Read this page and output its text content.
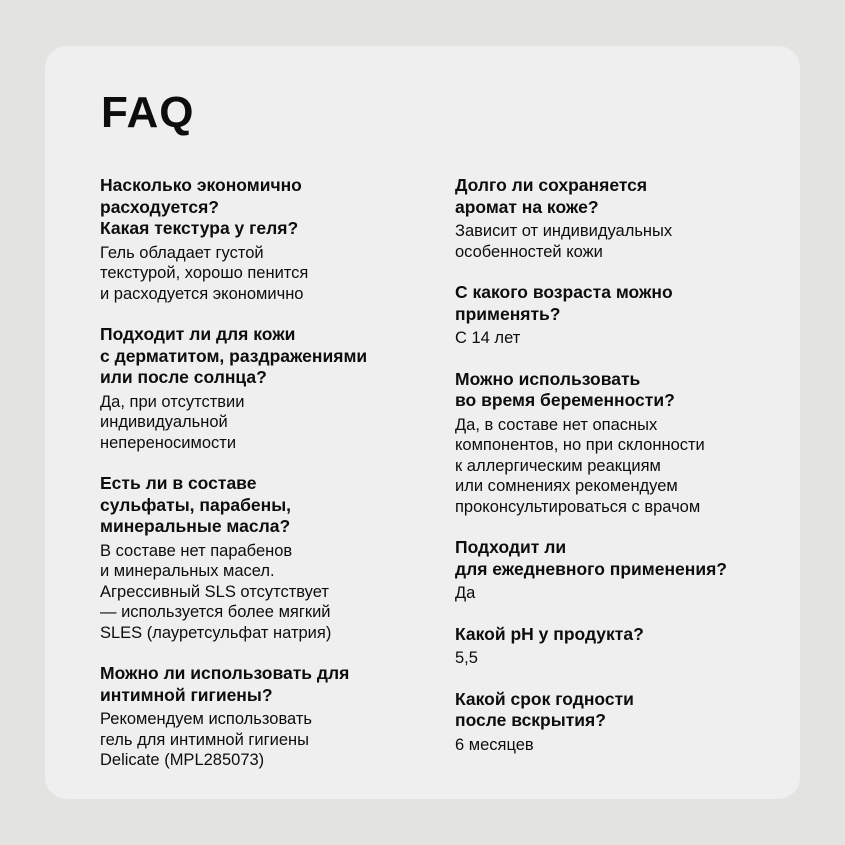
FAQ

Насколько экономично
расходуется?
Какая текстура у геля?

Гель обладает густой
текстурой, хорошо пенится
и расходуется экономично

Подходит ли для кожи
с дерматитом, раздражениями
или после солнца?

Да, при отсутствии
индивидуальной
непереносимости

Есть ли в составе
сульфаты, парабены,
минеральные масла?

В составе нет парабенов
и минеральных масел.
Агрессивный SLS отсутствует
— используется более мягкий
SLES (лауретсульфат натрия)

Можно ли использовать для
интимной гигиены?

Рекомендуем использовать
гель для интимной гигиены
Delicate (MPL285073)

Долго ли сохраняется
аромат на коже?

Зависит от индивидуальных
особенностей кожи

С какого возраста можно
применять?

С 14 лет

Можно использовать
во время беременности?

Да, в составе нет опасных
компонентов, но при склонности
к аллергическим реакциям
или сомнениях рекомендуем
проконсультироваться с врачом

Подходит ли
для ежедневного применения?

Да

Какой pH у продукта?

5,5

Какой срок годности
после вскрытия?

6 месяцев
